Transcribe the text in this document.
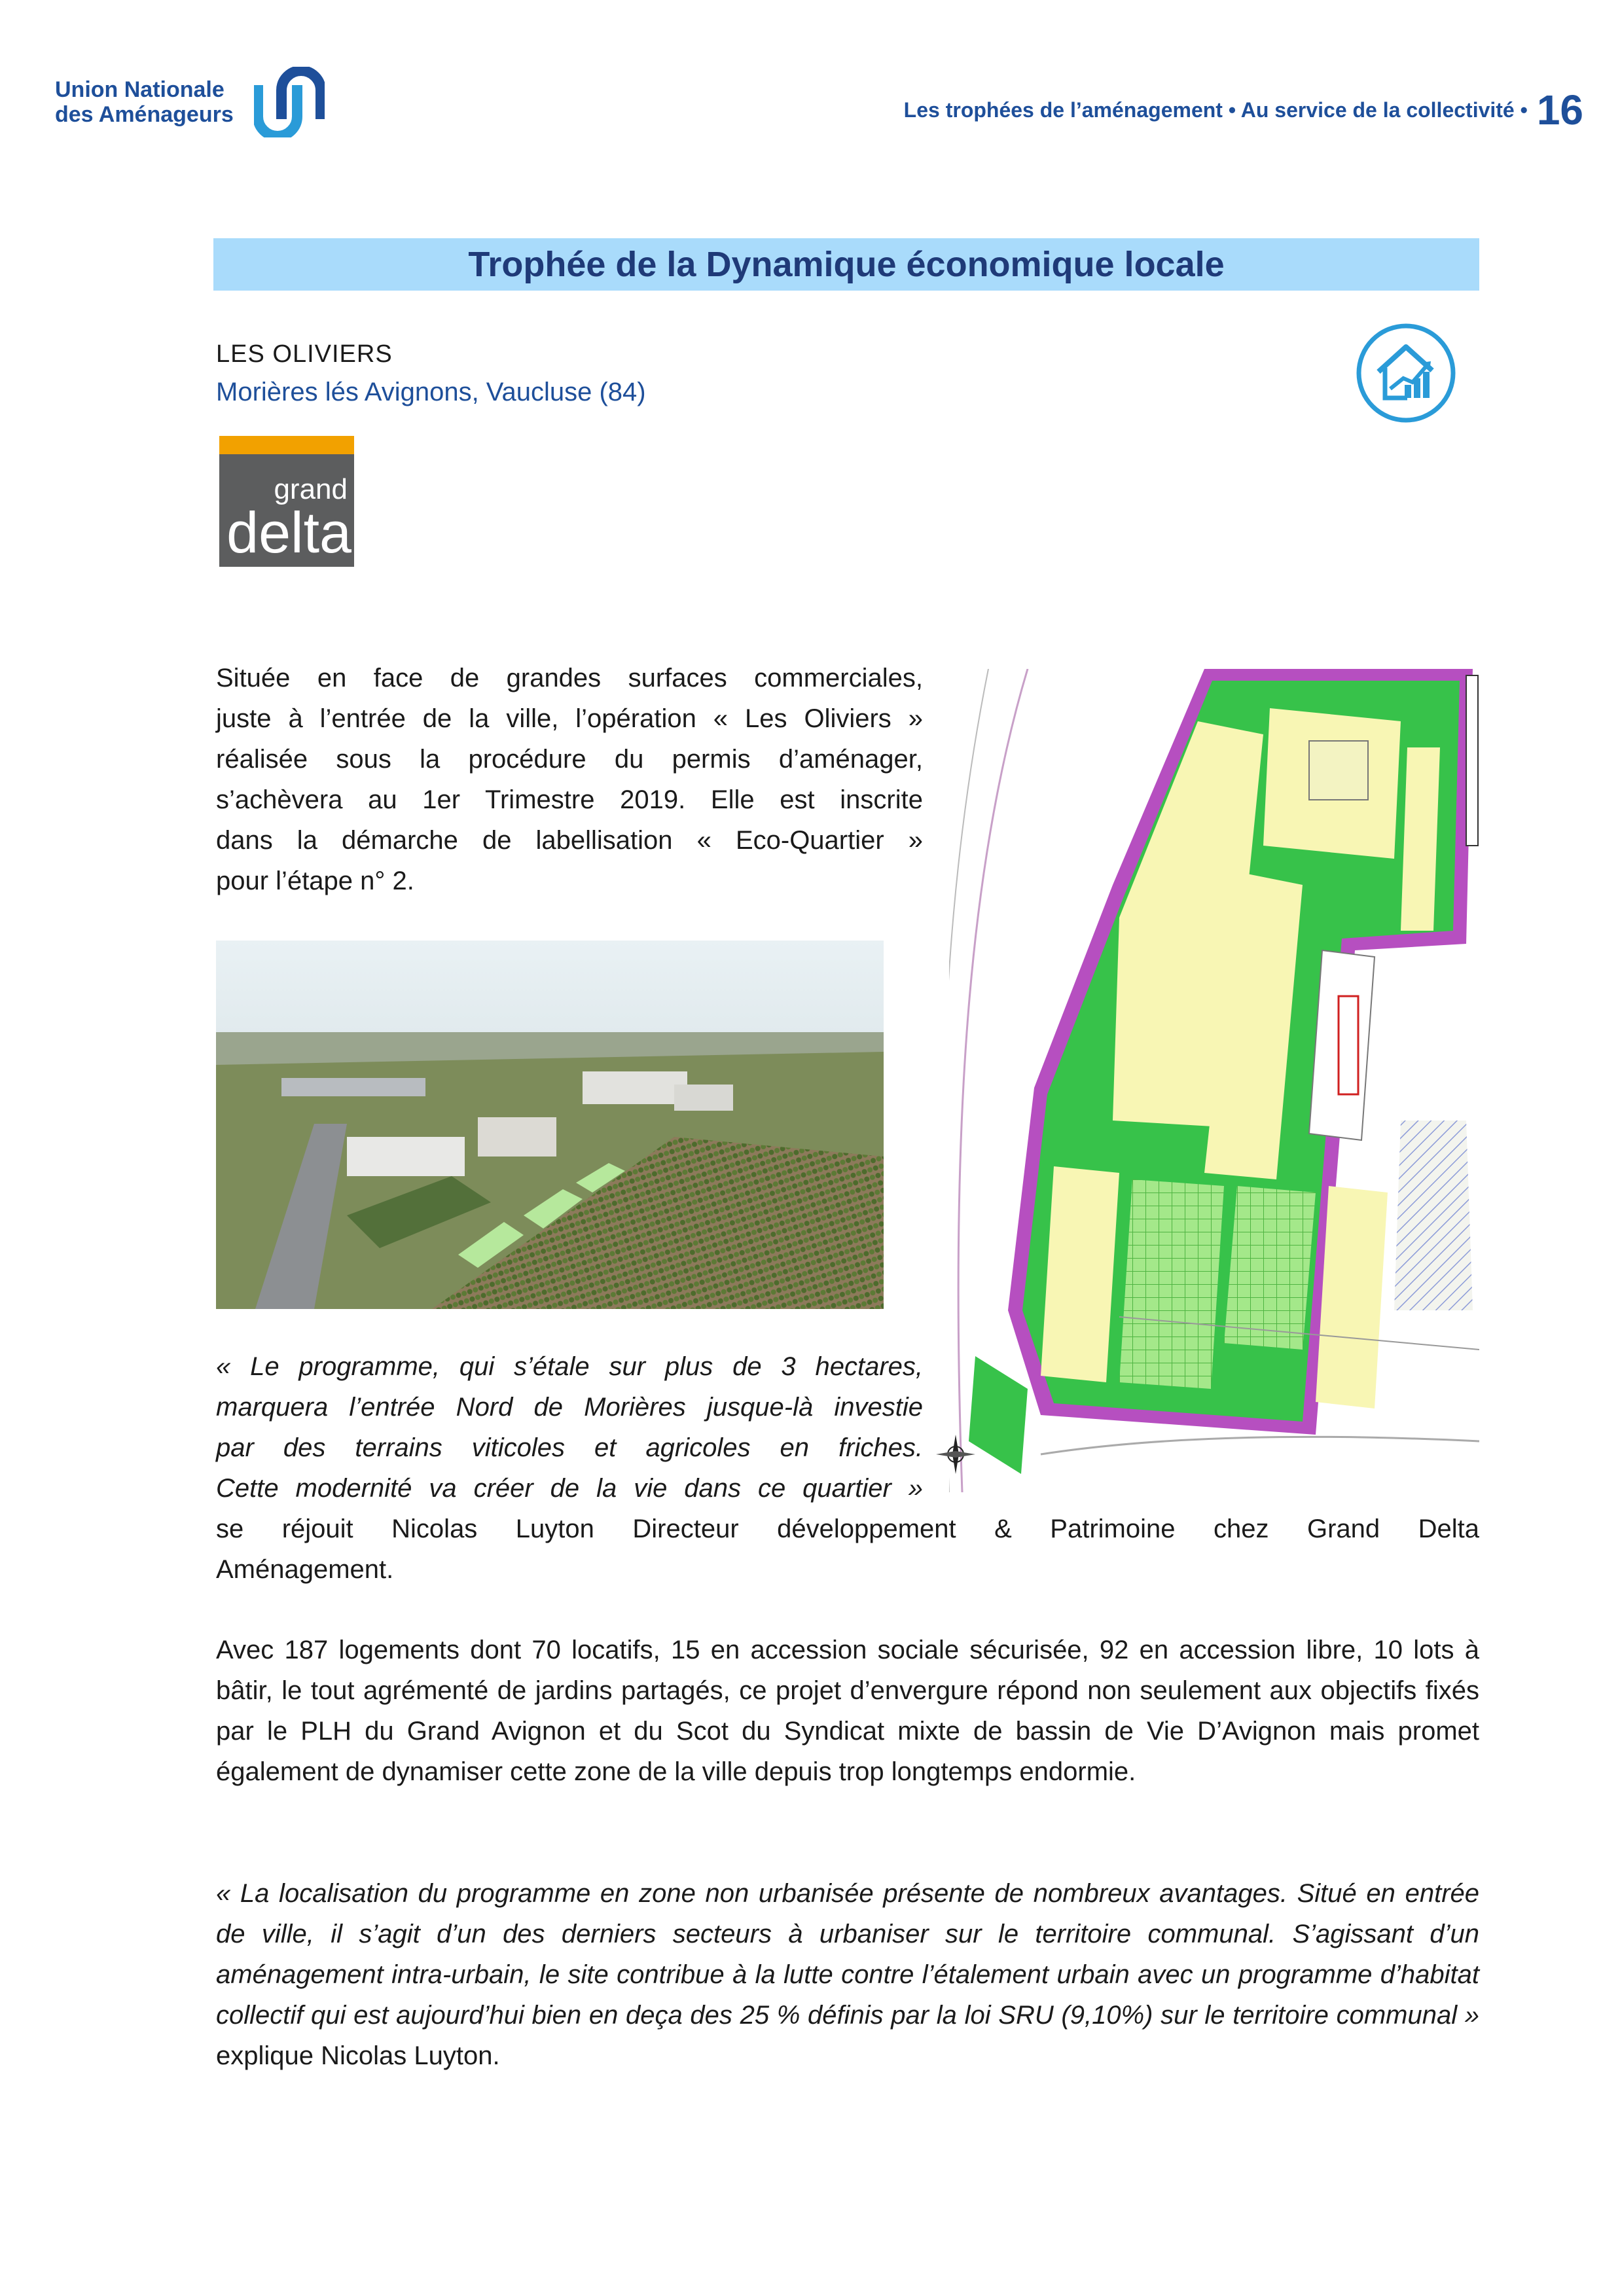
Union Nationale
des Aménageurs	Les trophées de l’aménagement • Au service de la collectivité • 16
Trophée de la Dynamique économique locale
LES OLIVIERS
Morières lés Avignons, Vaucluse (84)
grand
delta
Située en face de grandes surfaces commerciales,
juste à l’entrée de la ville, l’opération « Les Oliviers »
réalisée sous la procédure du permis d’aménager,
s’achèvera au 1er Trimestre 2019. Elle est inscrite
dans la démarche de labellisation « Eco-Quartier »
pour l’étape n° 2.
« Le programme, qui s’étale sur plus de 3 hectares,
marquera l’entrée Nord de Morières jusque-là investie
par des terrains viticoles et agricoles en friches.
Cette modernité va créer de la vie dans ce quartier »
se réjouit Nicolas Luyton Directeur développement & Patrimoine chez Grand Delta
Aménagement.
Avec 187 logements dont 70 locatifs, 15 en accession sociale sécurisée, 92 en accession libre, 10 lots à bâtir, le tout agrémenté de jardins partagés, ce projet d’envergure répond non seulement aux objectifs fixés par le PLH du Grand Avignon et du Scot du Syndicat mixte de bassin de Vie D’Avignon mais promet également de dynamiser cette zone de la ville depuis trop longtemps endormie.
« La localisation du programme en zone non urbanisée présente de nombreux avantages. Situé en entrée de ville, il s’agit d’un des derniers secteurs à urbaniser sur le territoire communal. S’agissant d’un aménagement intra-urbain, le site contribue à la lutte contre l’étalement urbain avec un programme d’habitat collectif qui est aujourd’hui bien en deça des 25 % définis par la loi SRU (9,10%) sur le territoire communal » explique Nicolas Luyton.
